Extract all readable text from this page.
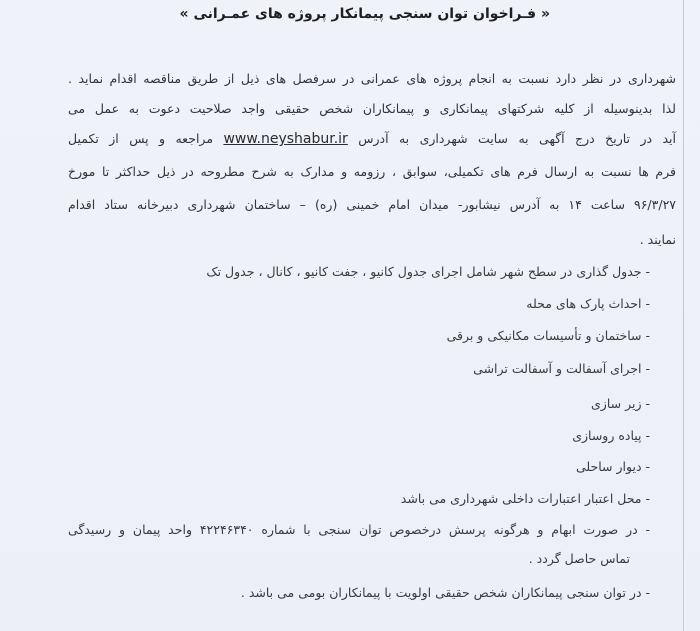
« فـراخوان توان سنجی پیمانکار پروژه های عمـرانی »
شهرداری در نظر دارد نسبت به انجام پروژه های عمرانی در سرفصل های ذیل از طریق مناقصه اقدام نماید .
لذا بدینوسیله از کلیه شرکتهای پیمانکاری و پیمانکاران شخص حقیقی واجد صلاحیت دعوت به عمل می
آید در تاریخ درج آگهی به سایت شهرداری به آدرس www.neyshabur.ir مراجعه و پس از تکمیل
فرم ها نسبت به ارسال فرم های تکمیلی، سوابق ، رزومه و مدارک به شرح مطروحه در ذیل حداکثر تا مورخ
۹۶/۳/۲۷ ساعت ۱۴ به آدرس نیشابور- میدان امام خمینی (ره) – ساختمان شهرداری دبیرخانه ستاد اقدام
نمایند .
- جدول گذاری در سطح شهر شامل اجرای جدول کانیو ، جفت کانیو ، کانال ، جدول تک
- احداث پارک های محله
- ساختمان و تأسیسات مکانیکی و برقی
- اجرای آسفالت و آسفالت تراشی
- زیر سازی
- پیاده روسازی
- دیوار ساحلی
- محل اعتبار اعتبارات داخلی شهرداری می باشد
- در صورت ابهام و هرگونه پرسش درخصوص توان سنجی با شماره ۴۲۲۴۶۳۴۰ واحد پیمان و رسیدگی
تماس حاصل گردد .
- در توان سنجی پیمانکاران شخص حقیقی اولویت با پیمانکاران بومی می باشد .
